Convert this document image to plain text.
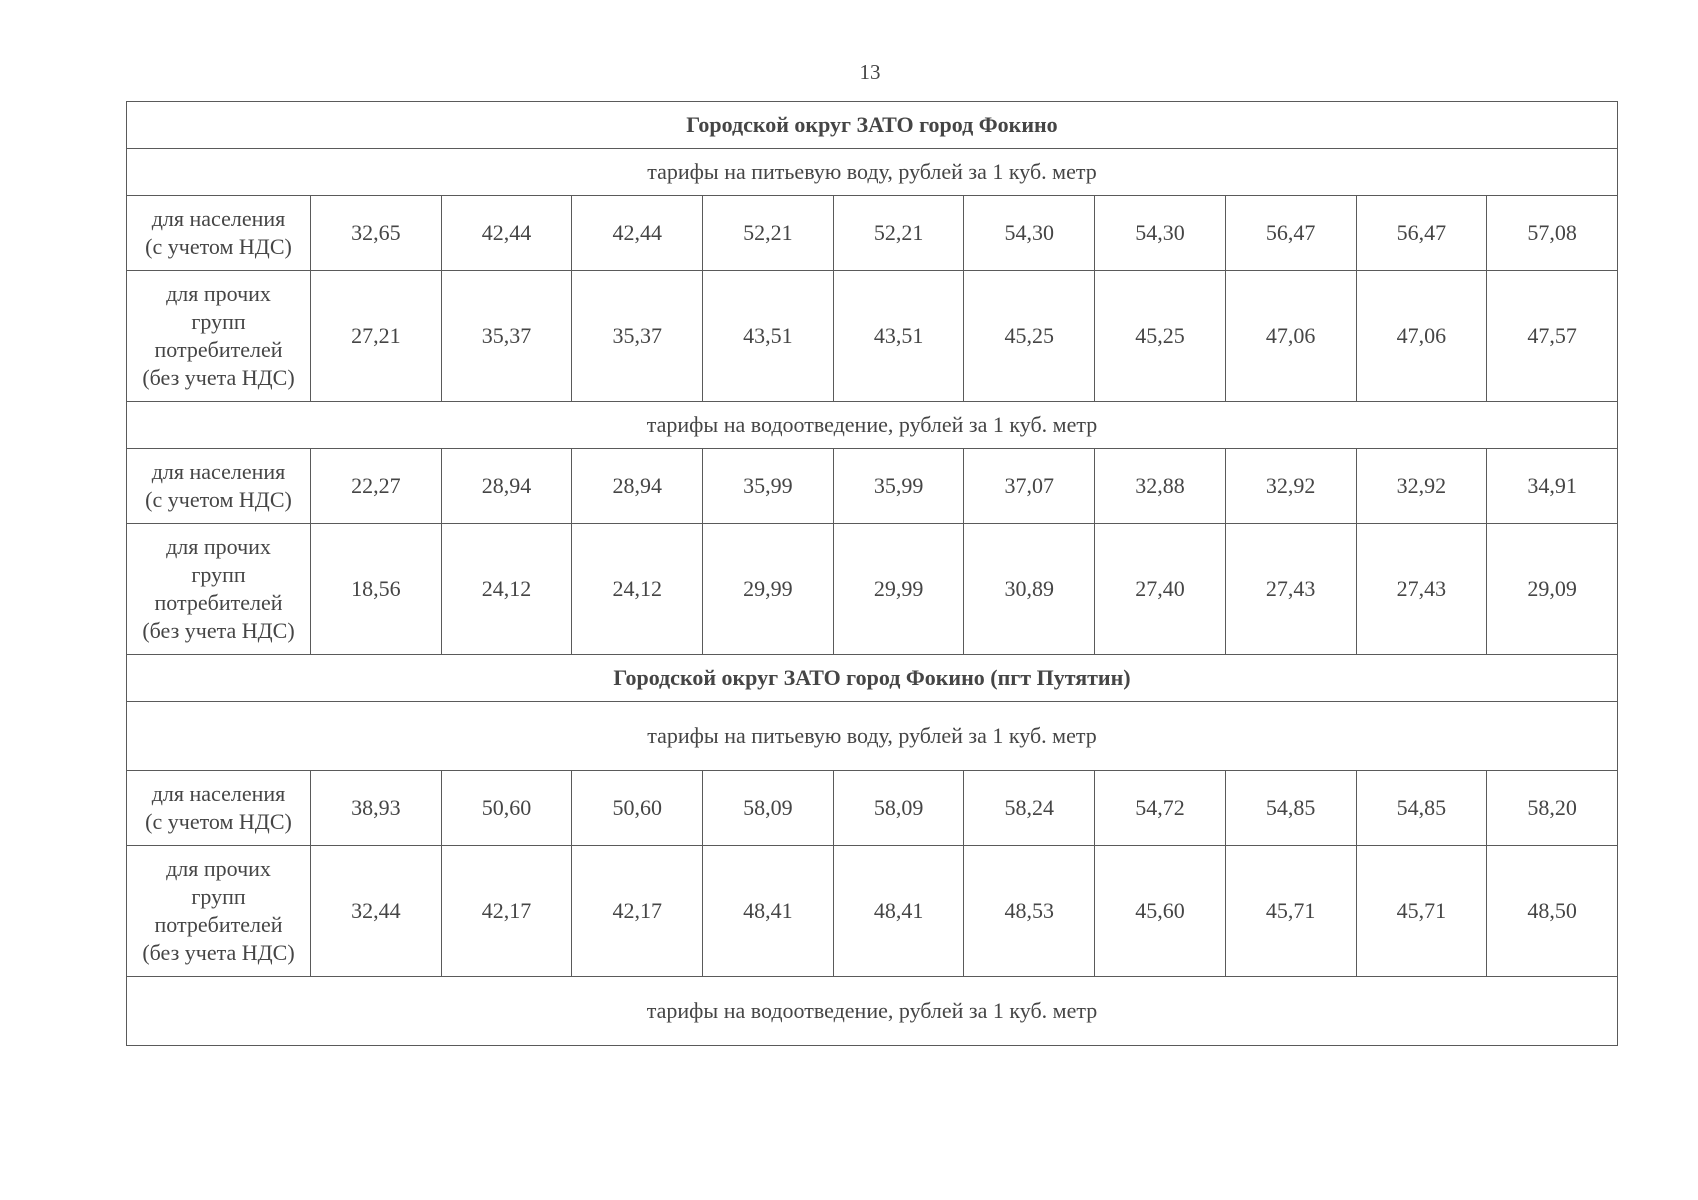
13
Городской округ ЗАТО город Фокино										
тарифы на питьевую воду, рублей за 1 куб. метр										
для населения
(с учетом НДС)	32,65	42,44	42,44	52,21	52,21	54,30	54,30	56,47	56,47	57,08
для прочих
групп
потребителей
(без учета НДС)	27,21	35,37	35,37	43,51	43,51	45,25	45,25	47,06	47,06	47,57
тарифы на водоотведение, рублей за 1 куб. метр										
для населения
(с учетом НДС)	22,27	28,94	28,94	35,99	35,99	37,07	32,88	32,92	32,92	34,91
для прочих
групп
потребителей
(без учета НДС)	18,56	24,12	24,12	29,99	29,99	30,89	27,40	27,43	27,43	29,09
Городской округ ЗАТО город Фокино (пгт Путятин)										
тарифы на питьевую воду, рублей за 1 куб. метр										
для населения
(с учетом НДС)	38,93	50,60	50,60	58,09	58,09	58,24	54,72	54,85	54,85	58,20
для прочих
групп
потребителей
(без учета НДС)	32,44	42,17	42,17	48,41	48,41	48,53	45,60	45,71	45,71	48,50
тарифы на водоотведение, рублей за 1 куб. метр										
